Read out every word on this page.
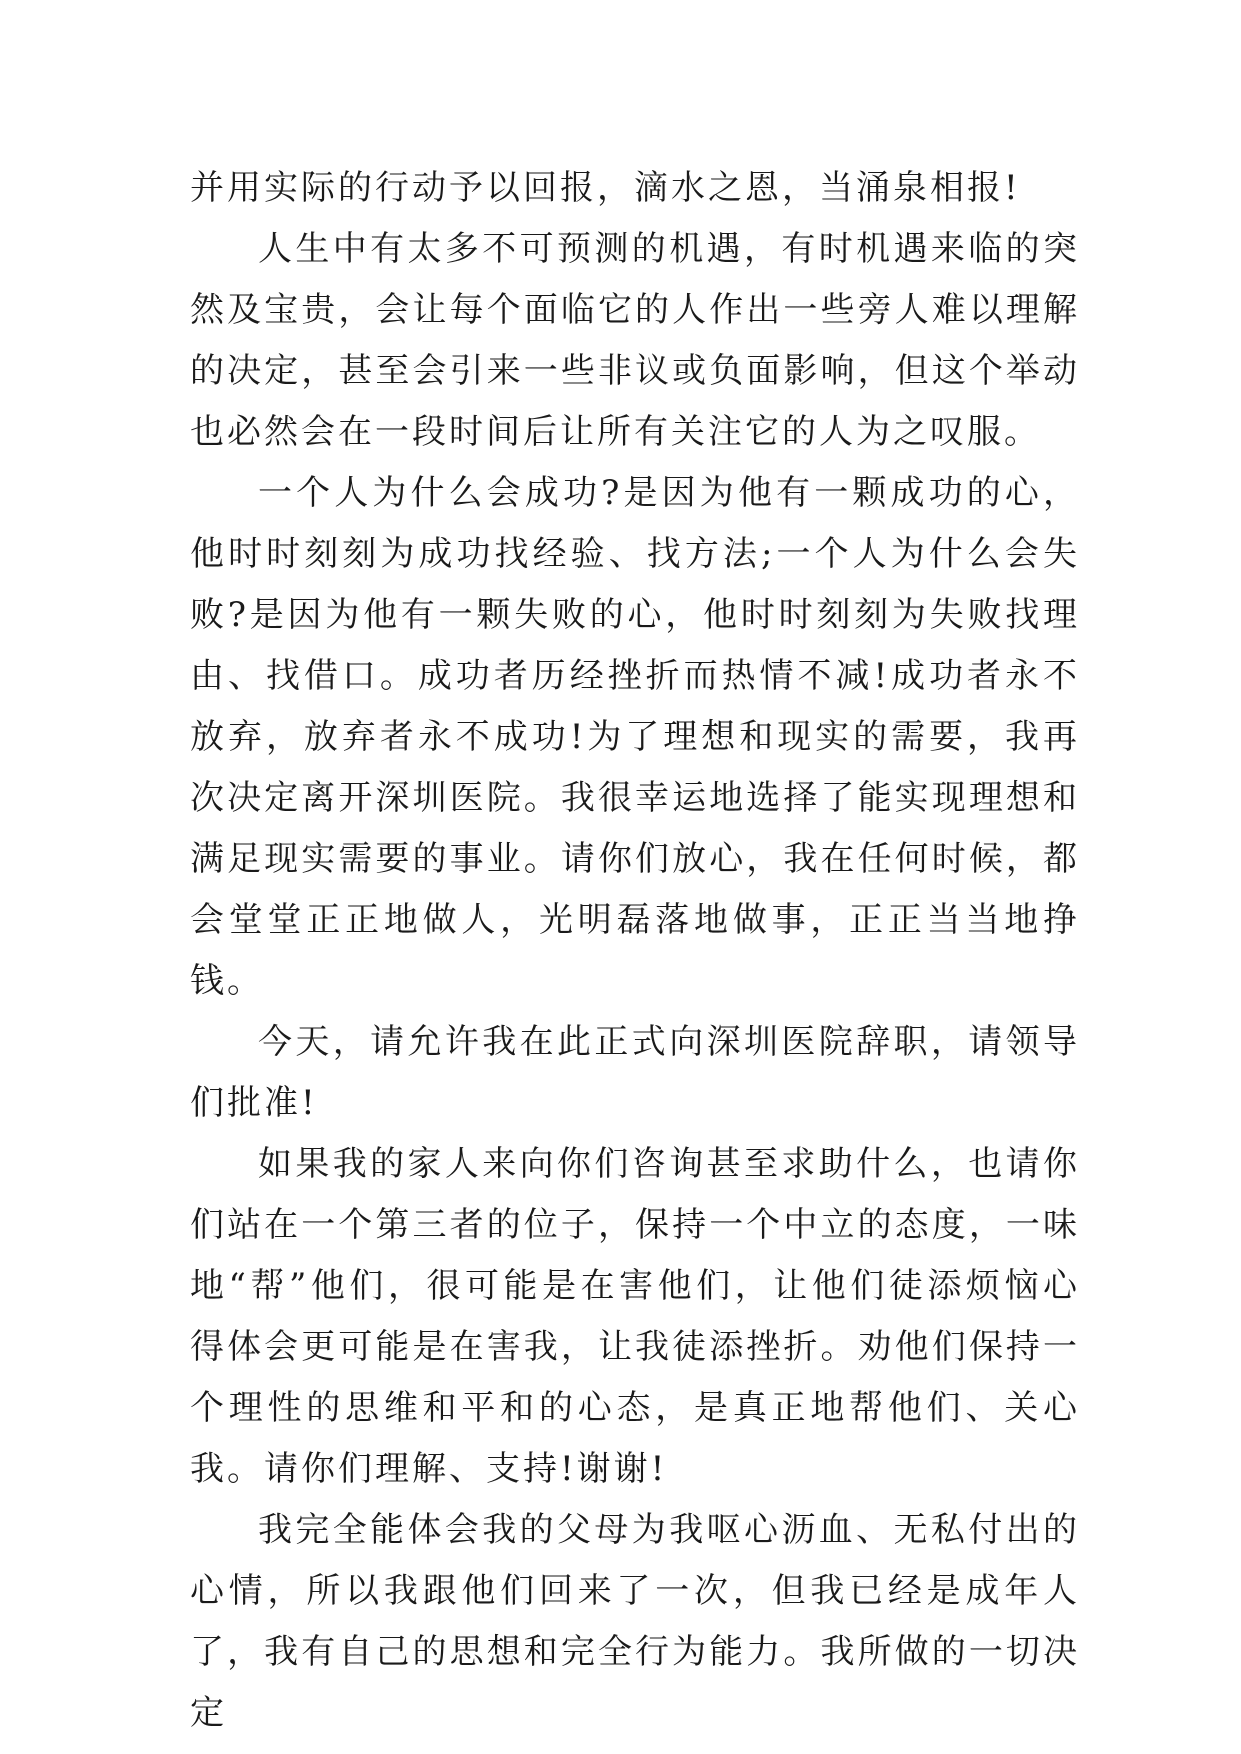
并用实际的行动予以回报，滴水之恩，当涌泉相报!

人生中有太多不可预测的机遇，有时机遇来临的突然及宝贵，会让每个面临它的人作出一些旁人难以理解的决定，甚至会引来一些非议或负面影响，但这个举动也必然会在一段时间后让所有关注它的人为之叹服。

一个人为什么会成功?是因为他有一颗成功的心，他时时刻刻为成功找经验、找方法;一个人为什么会失败?是因为他有一颗失败的心，他时时刻刻为失败找理由、找借口。成功者历经挫折而热情不减!成功者永不放弃，放弃者永不成功!为了理想和现实的需要，我再次决定离开深圳医院。我很幸运地选择了能实现理想和满足现实需要的事业。请你们放心，我在任何时候，都会堂堂正正地做人，光明磊落地做事，正正当当地挣钱。

今天，请允许我在此正式向深圳医院辞职，请领导们批准!

如果我的家人来向你们咨询甚至求助什么，也请你们站在一个第三者的位子，保持一个中立的态度，一味地“帮”他们，很可能是在害他们，让他们徒添烦恼心得体会更可能是在害我，让我徒添挫折。劝他们保持一个理性的思维和平和的心态，是真正地帮他们、关心我。请你们理解、支持!谢谢!

我完全能体会我的父母为我呕心沥血、无私付出的心情，所以我跟他们回来了一次，但我已经是成年人了，我有自己的思想和完全行为能力。我所做的一切决定
